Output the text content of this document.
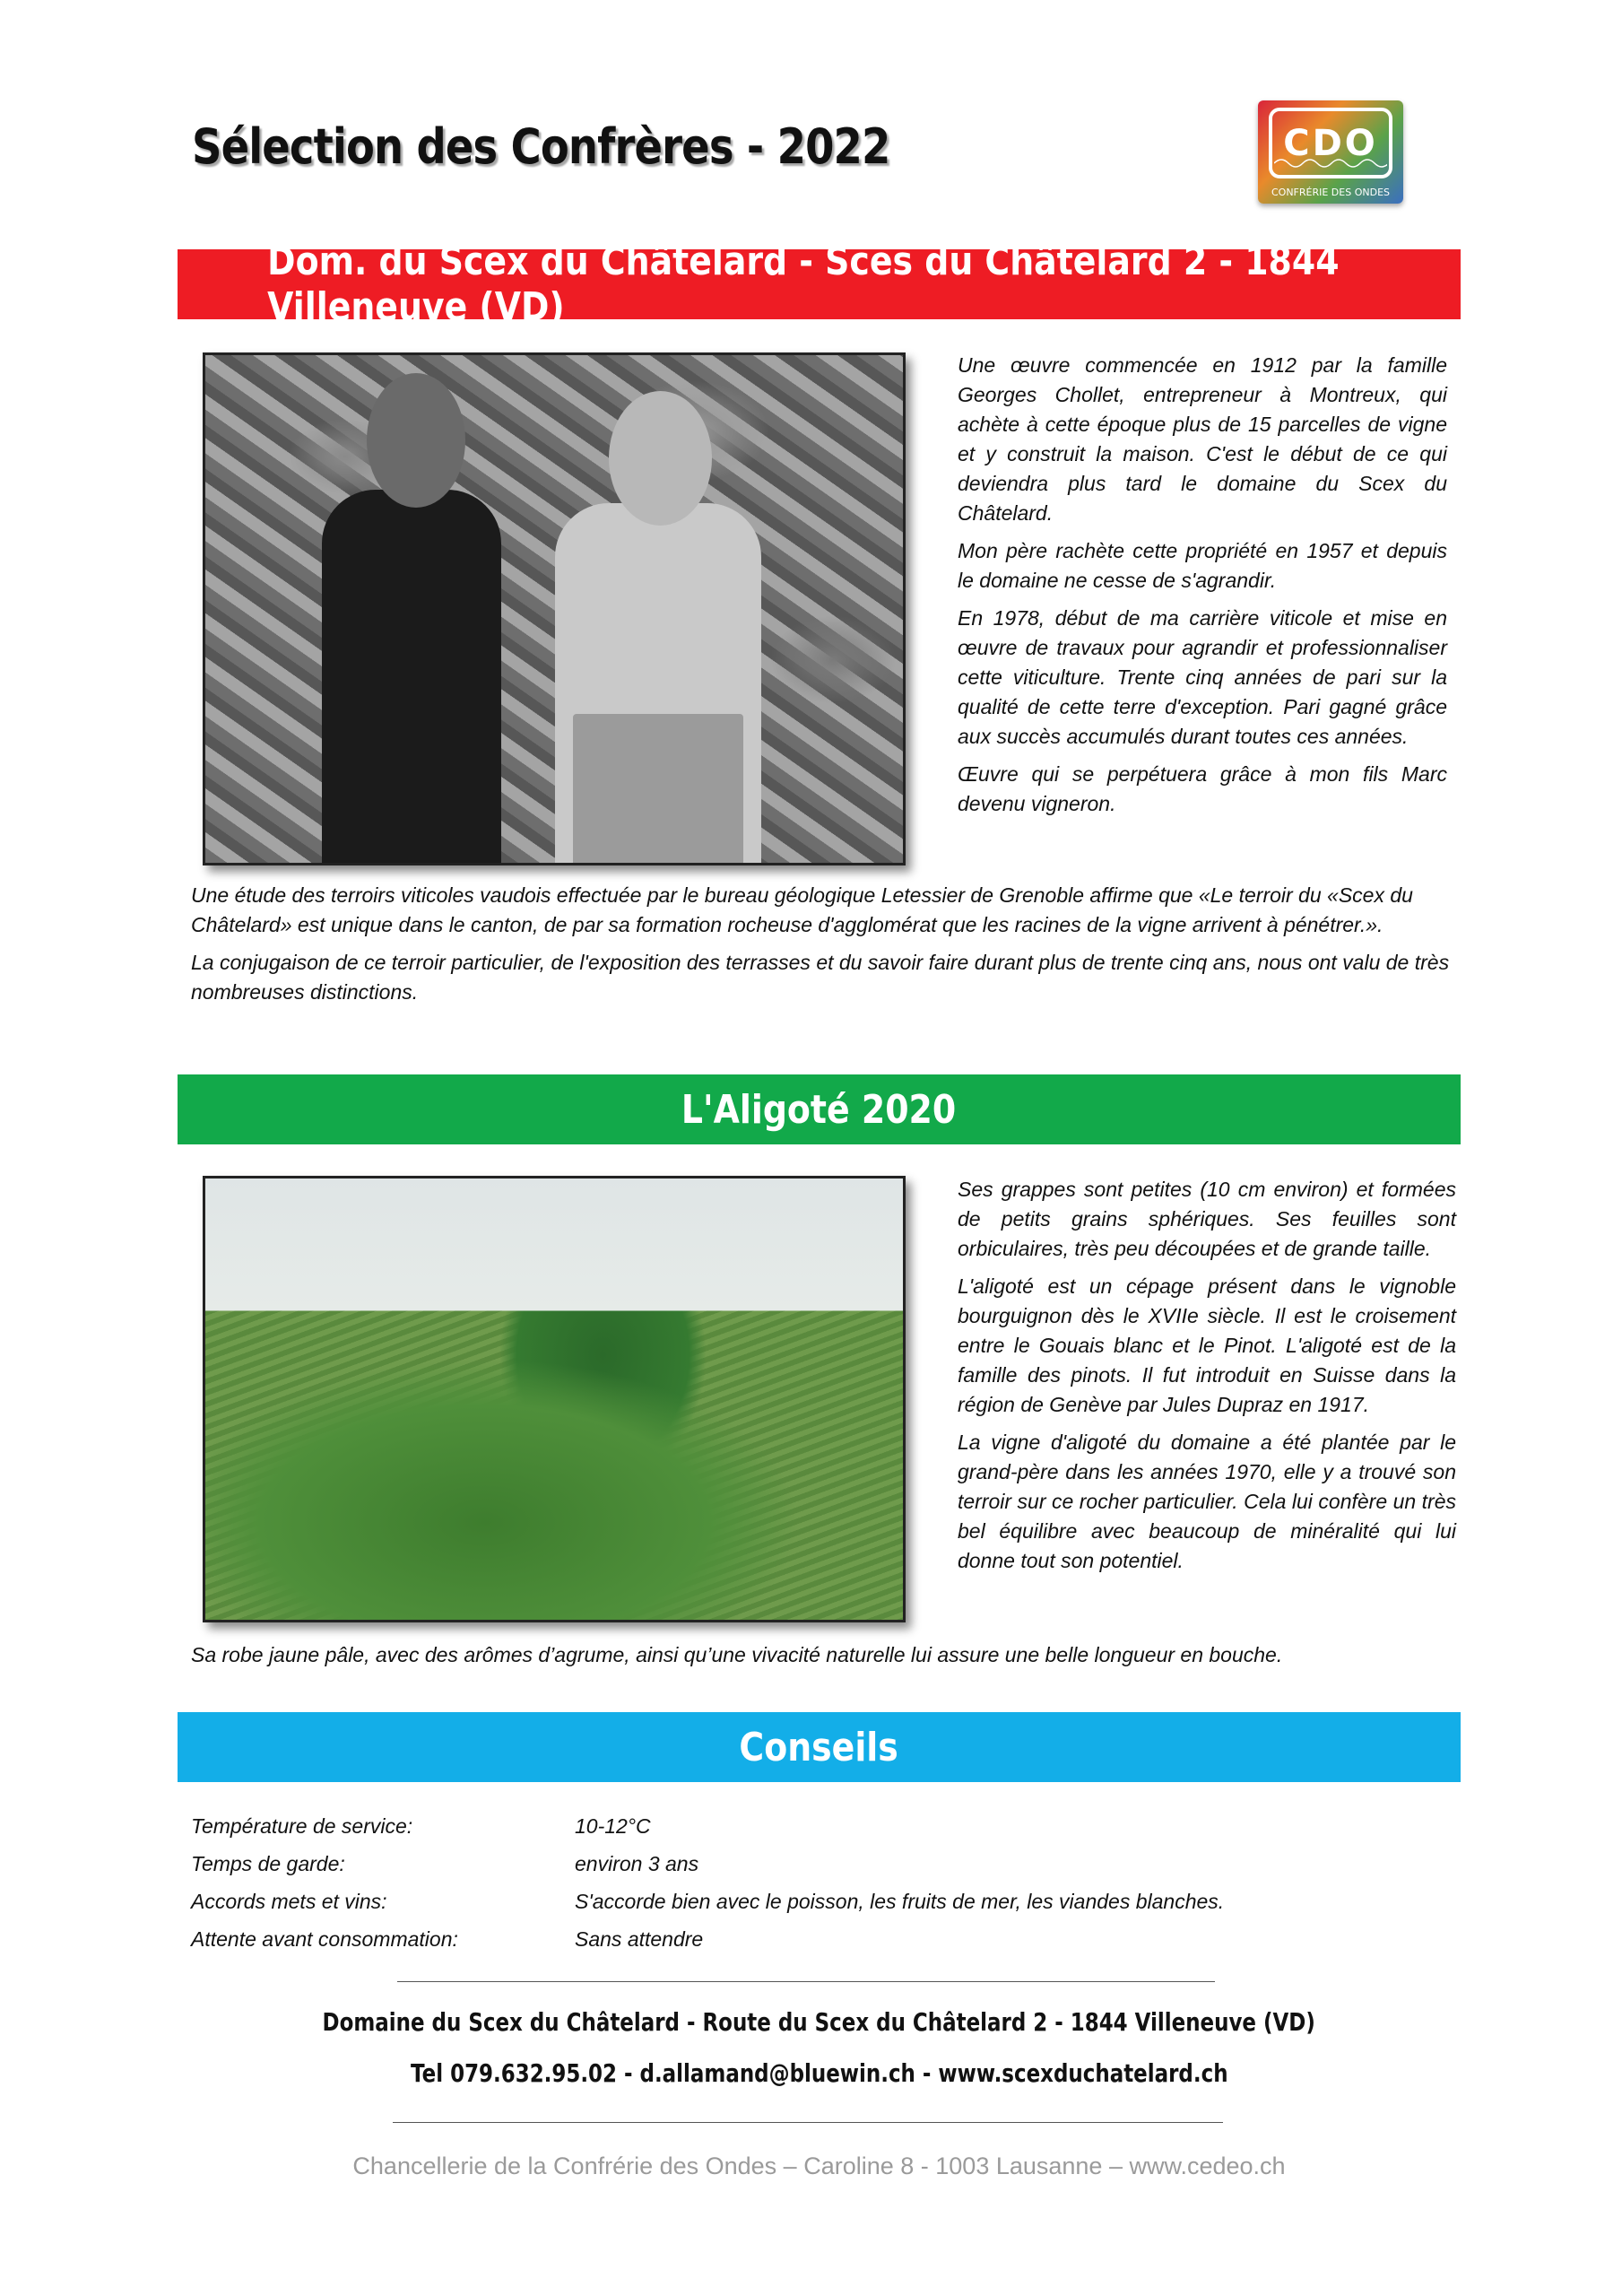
Sélection des Confrères - 2022	CDO
CONFRÉRIE DES ONDES
Dom. du Scex du Châtelard - Sces du Châtelard 2 - 1844 Villeneuve (VD)

Une œuvre commencée en 1912 par la famille Georges Chollet, entrepreneur à Montreux, qui achète à cette époque plus de 15 parcelles de vigne et y construit la maison. C'est le début de ce qui deviendra plus tard le domaine du Scex du Châtelard.

Mon père rachète cette propriété en 1957 et depuis le domaine ne cesse de s'agrandir.

En 1978, début de ma carrière viticole et mise en œuvre de travaux pour agrandir et professionnaliser cette viticulture. Trente cinq années de pari sur la qualité de cette terre d'exception. Pari gagné grâce aux succès accumulés durant toutes ces années.

Œuvre qui se perpétuera grâce à mon fils Marc devenu vigneron.

Une étude des terroirs viticoles vaudois effectuée par le bureau géologique Letessier de Grenoble affirme que «Le terroir du «Scex du Châtelard» est unique dans le canton, de par sa formation rocheuse d'agglomérat que les racines de la vigne arrivent à pénétrer.».

La conjugaison de ce terroir particulier, de l'exposition des terrasses et du savoir faire durant plus de trente cinq ans, nous ont valu de très nombreuses distinctions.

L'Aligoté 2020

Ses grappes sont petites (10 cm environ) et formées de petits grains sphériques. Ses feuilles sont orbiculaires, très peu découpées et de grande taille.

L'aligoté est un cépage présent dans le vignoble bourguignon dès le XVIIe siècle. Il est le croisement entre le Gouais blanc et le Pinot. L'aligoté est de la famille des pinots. Il fut introduit en Suisse dans la région de Genève par Jules Dupraz en 1917.

La vigne d'aligoté du domaine a été plantée par le grand-père dans les années 1970, elle y a trouvé son terroir sur ce rocher particulier. Cela lui confère un très bel équilibre avec beaucoup de minéralité qui lui donne tout son potentiel.

Sa robe jaune pâle, avec des arômes d’agrume, ainsi qu’une vivacité naturelle lui assure une belle longueur en bouche.

Conseils
Température de service:	10-12°C
Temps de garde:	environ 3 ans
Accords mets et vins:	S'accorde bien avec le poisson, les fruits de mer, les viandes blanches.
Attente avant consommation:	Sans attendre
Domaine du Scex du Châtelard - Route du Scex du Châtelard 2 - 1844 Villeneuve (VD)
Tel 079.632.95.02 - d.allamand@bluewin.ch - www.scexduchatelard.ch
Chancellerie de la Confrérie des Ondes – Caroline 8 - 1003 Lausanne – www.cedeo.ch
